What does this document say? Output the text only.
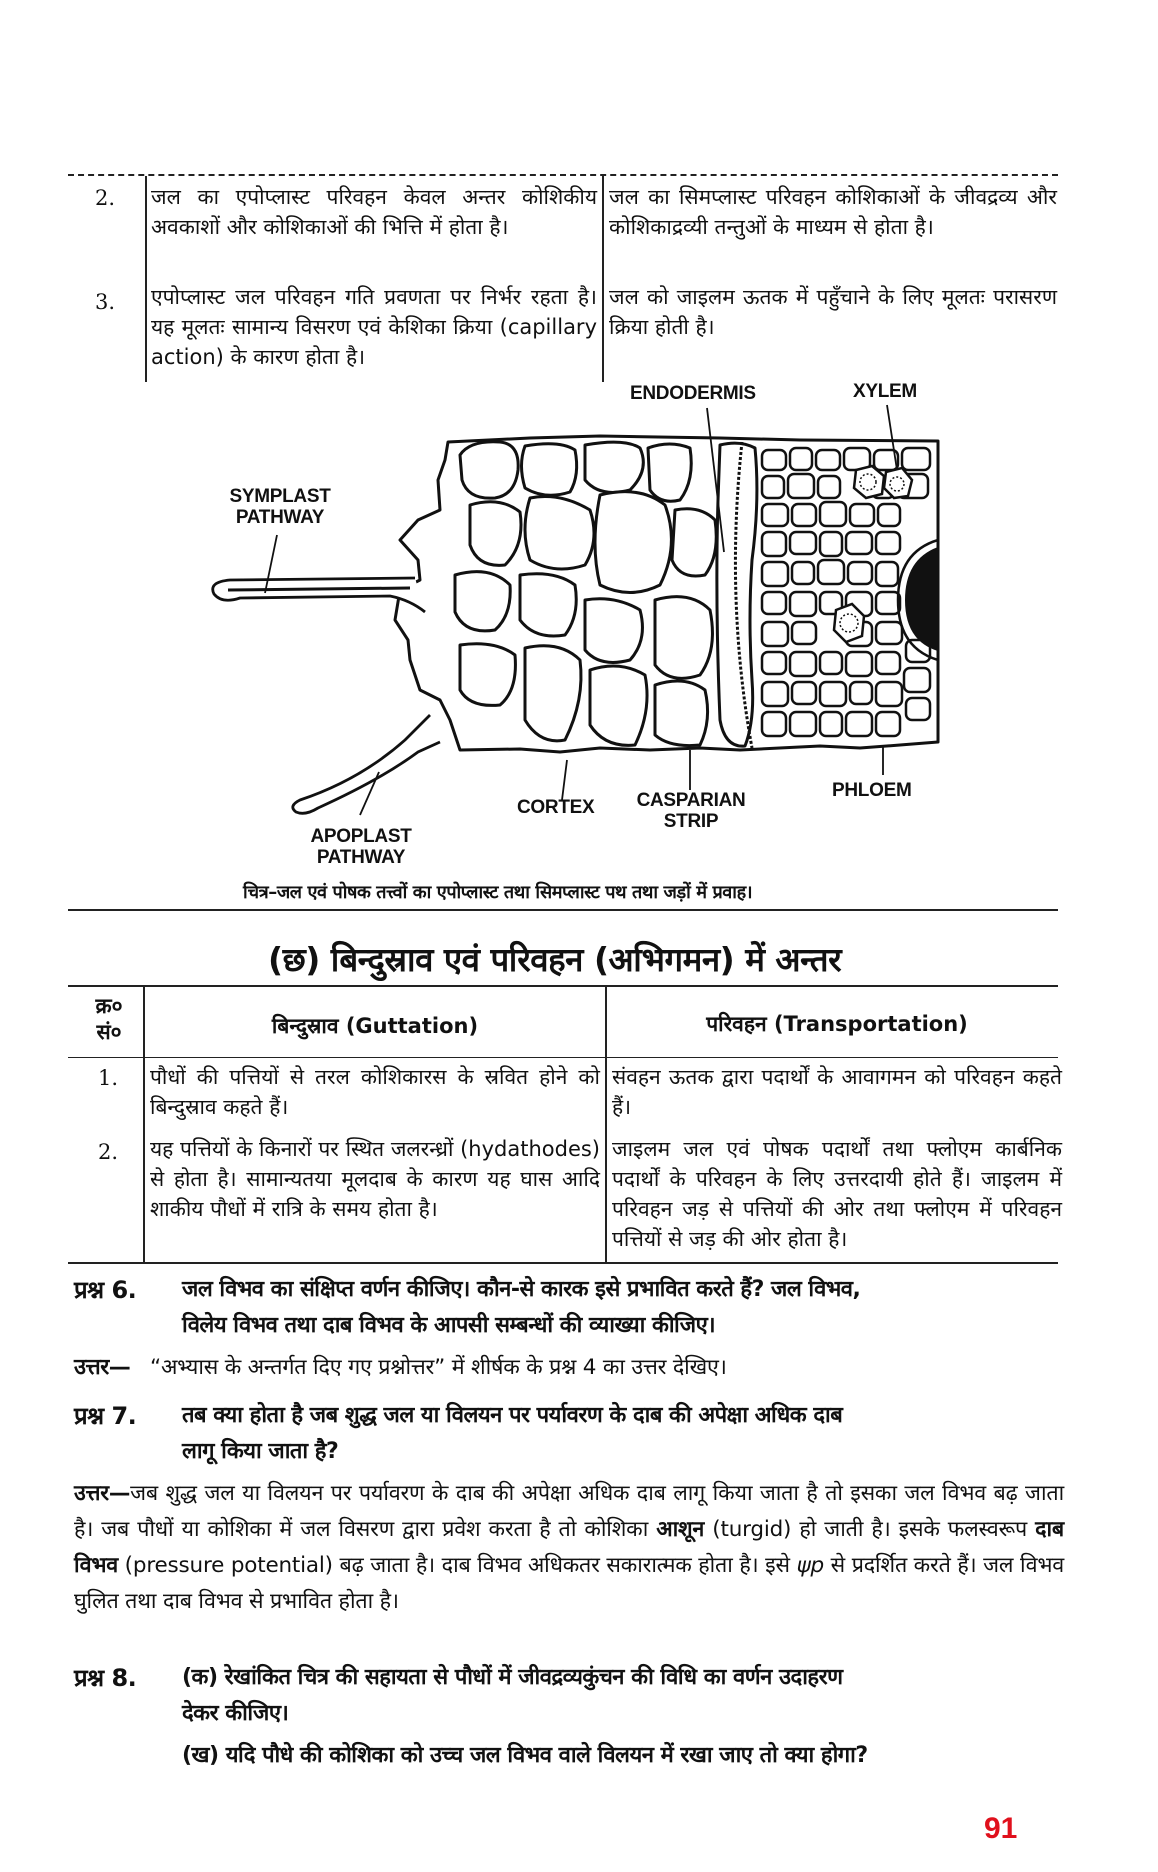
2. जल का एपोप्लास्ट परिवहन केवल अन्तर कोशिकीय अवकाशों और कोशिकाओं की भित्ति में होता है।
जल का सिमप्लास्ट परिवहन कोशिकाओं के जीवद्रव्य और कोशिकाद्रव्यी तन्तुओं के माध्यम से होता है।
3. एपोप्लास्ट जल परिवहन गति प्रवणता पर निर्भर रहता है। यह मूलतः सामान्य विसरण एवं केशिका क्रिया (capillary action) के कारण होता है।
जल को जाइलम ऊतक में पहुँचाने के लिए मूलतः परासरण क्रिया होती है।
ENDODERMIS	XYLEM
SYMPLAST
PATHWAY
CORTEX	CASPARIAN
STRIP
PHLOEM
APOPLAST
PATHWAY
चित्र–जल एवं पोषक तत्त्वों का एपोप्लास्ट तथा सिमप्लास्ट पथ तथा जड़ों में प्रवाह।
(छ) बिन्दुस्राव एवं परिवहन (अभिगमन) में अन्तर
क्र०
सं०	बिन्दुस्राव (Guttation)	परिवहन (Transportation)
1. पौधों की पत्तियों से तरल कोशिकारस के स्रवित होने को बिन्दुस्राव कहते हैं।
संवहन ऊतक द्वारा पदार्थों के आवागमन को परिवहन कहते हैं।
2. यह पत्तियों के किनारों पर स्थित जलरन्ध्रों (hydathodes) से होता है। सामान्यतया मूलदाब के कारण यह घास आदि शाकीय पौधों में रात्रि के समय होता है।
जाइलम जल एवं पोषक पदार्थों तथा फ्लोएम कार्बनिक पदार्थों के परिवहन के लिए उत्तरदायी होते हैं। जाइलम में परिवहन जड़ से पत्तियों की ओर तथा फ्लोएम में परिवहन पत्तियों से जड़ की ओर होता है।
प्रश्न 6. जल विभव का संक्षिप्त वर्णन कीजिए। कौन-से कारक इसे प्रभावित करते हैं? जल विभव,
विलेय विभव तथा दाब विभव के आपसी सम्बन्धों की व्याख्या कीजिए।
उत्तर— “अभ्यास के अन्तर्गत दिए गए प्रश्नोत्तर” में शीर्षक के प्रश्न 4 का उत्तर देखिए।
प्रश्न 7. तब क्या होता है जब शुद्ध जल या विलयन पर पर्यावरण के दाब की अपेक्षा अधिक दाब
लागू किया जाता है?
उत्तर—जब शुद्ध जल या विलयन पर पर्यावरण के दाब की अपेक्षा अधिक दाब लागू किया जाता है तो इसका जल विभव बढ़ जाता है। जब पौधों या कोशिका में जल विसरण द्वारा प्रवेश करता है तो कोशिका आशून (turgid) हो जाती है। इसके फलस्वरूप दाब विभव (pressure potential) बढ़ जाता है। दाब विभव अधिकतर सकारात्मक होता है। इसे ψp से प्रदर्शित करते हैं। जल विभव घुलित तथा दाब विभव से प्रभावित होता है।
प्रश्न 8. (क) रेखांकित चित्र की सहायता से पौधों में जीवद्रव्यकुंचन की विधि का वर्णन उदाहरण
देकर कीजिए।
(ख) यदि पौधे की कोशिका को उच्च जल विभव वाले विलयन में रखा जाए तो क्या होगा?
91
